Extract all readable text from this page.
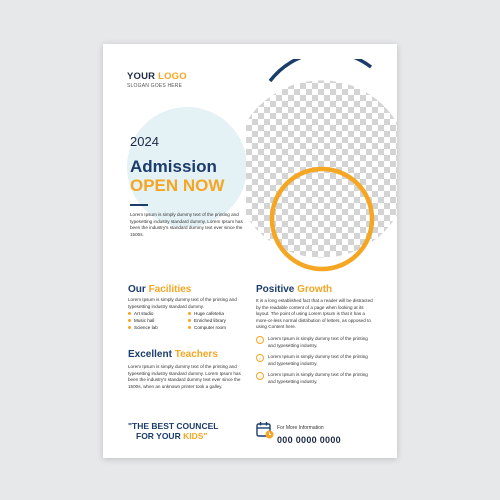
YOUR LOGO
SLOGAN GOES HERE
2024
Admission
OPEN NOW
Lorem Ipsum is simply dummy text of the printing and typesetting industry standard dummy. Lorem Ipsum has been the industry's standard dummy text ever since the 1500s.
Our Facilities
Lorem Ipsum is simply dummy text of the printing and typesetting industry standard dummy.
Art studio	Huge cafeteria
Music hall	Enriched library
Science lab	Computer room
Excellent Teachers
Lorem Ipsum is simply dummy text of the printing and typesetting industry standard dummy. Lorem Ipsum has been the industry's standard dummy text ever since the 1500s, when an unknown printer took a galley.
Positive Growth
It is a long established fact that a reader will be distracted by the readable content of a page when looking at its layout. The point of using Lorem Ipsum is that it has a more-or-less normal distribution of letters, as opposed to using Content here.
✓	Lorem Ipsum is simply dummy text of the printing and typesetting industry.
✓	Lorem Ipsum is simply dummy text of the printing and typesetting industry.
✓	Lorem Ipsum is simply dummy text of the printing and typesetting industry.
"THE BEST COUNCEL
FOR YOUR KIDS"
For More Information
000 0000 0000
